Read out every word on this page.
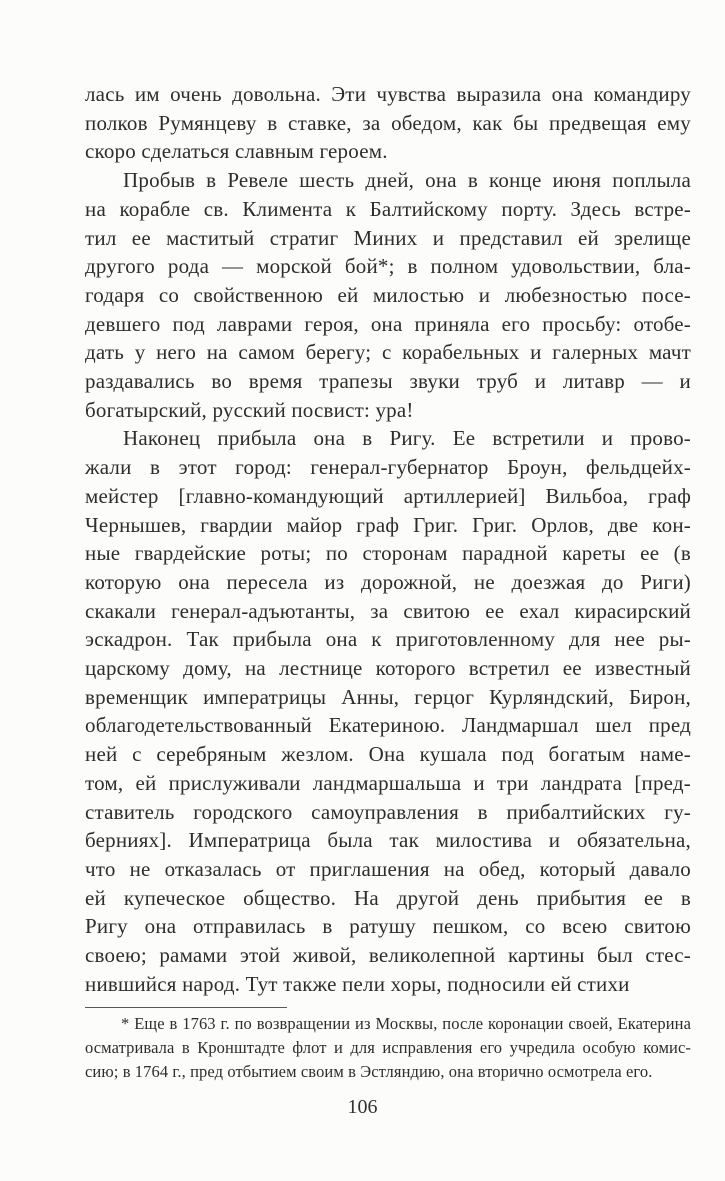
лась им очень довольна. Эти чувства выразила она командиру
полков Румянцеву в ставке, за обедом, как бы предвещая ему
скоро сделаться славным героем.
Пробыв в Ревеле шесть дней, она в конце июня поплыла
на корабле св. Климента к Балтийскому порту. Здесь встре-
тил ее маститый стратиг Миних и представил ей зрелище
другого рода — морской бой*; в полном удовольствии, бла-
годаря со свойственною ей милостью и любезностью посе-
девшего под лаврами героя, она приняла его просьбу: отобе-
дать у него на самом берегу; с корабельных и галерных мачт
раздавались во время трапезы звуки труб и литавр — и
богатырский, русский посвист: ура!
Наконец прибыла она в Ригу. Ее встретили и прово-
жали в этот город: генерал-губернатор Броун, фельдцейх-
мейстер [главно-командующий артиллерией] Вильбоа, граф
Чернышев, гвардии майор граф Григ. Григ. Орлов, две кон-
ные гвардейские роты; по сторонам парадной кареты ее (в
которую она пересела из дорожной, не доезжая до Риги)
скакали генерал-адъютанты, за свитою ее ехал кирасирский
эскадрон. Так прибыла она к приготовленному для нее ры-
царскому дому, на лестнице которого встретил ее известный
временщик императрицы Анны, герцог Курляндский, Бирон,
облагодетельствованный Екатериною. Ландмаршал шел пред
ней с серебряным жезлом. Она кушала под богатым наме-
том, ей прислуживали ландмаршальша и три ландрата [пред-
ставитель городского самоуправления в прибалтийских гу-
берниях]. Императрица была так милостива и обязательна,
что не отказалась от приглашения на обед, который давало
ей купеческое общество. На другой день прибытия ее в
Ригу она отправилась в ратушу пешком, со всею свитою
своею; рамами этой живой, великолепной картины был стес-
нившийся народ. Тут также пели хоры, подносили ей стихи
* Еще в 1763 г. по возвращении из Москвы, после коронации своей, Екатерина
осматривала в Кронштадте флот и для исправления его учредила особую комис-
сию; в 1764 г., пред отбытием своим в Эстляндию, она вторично осмотрела его.
106
